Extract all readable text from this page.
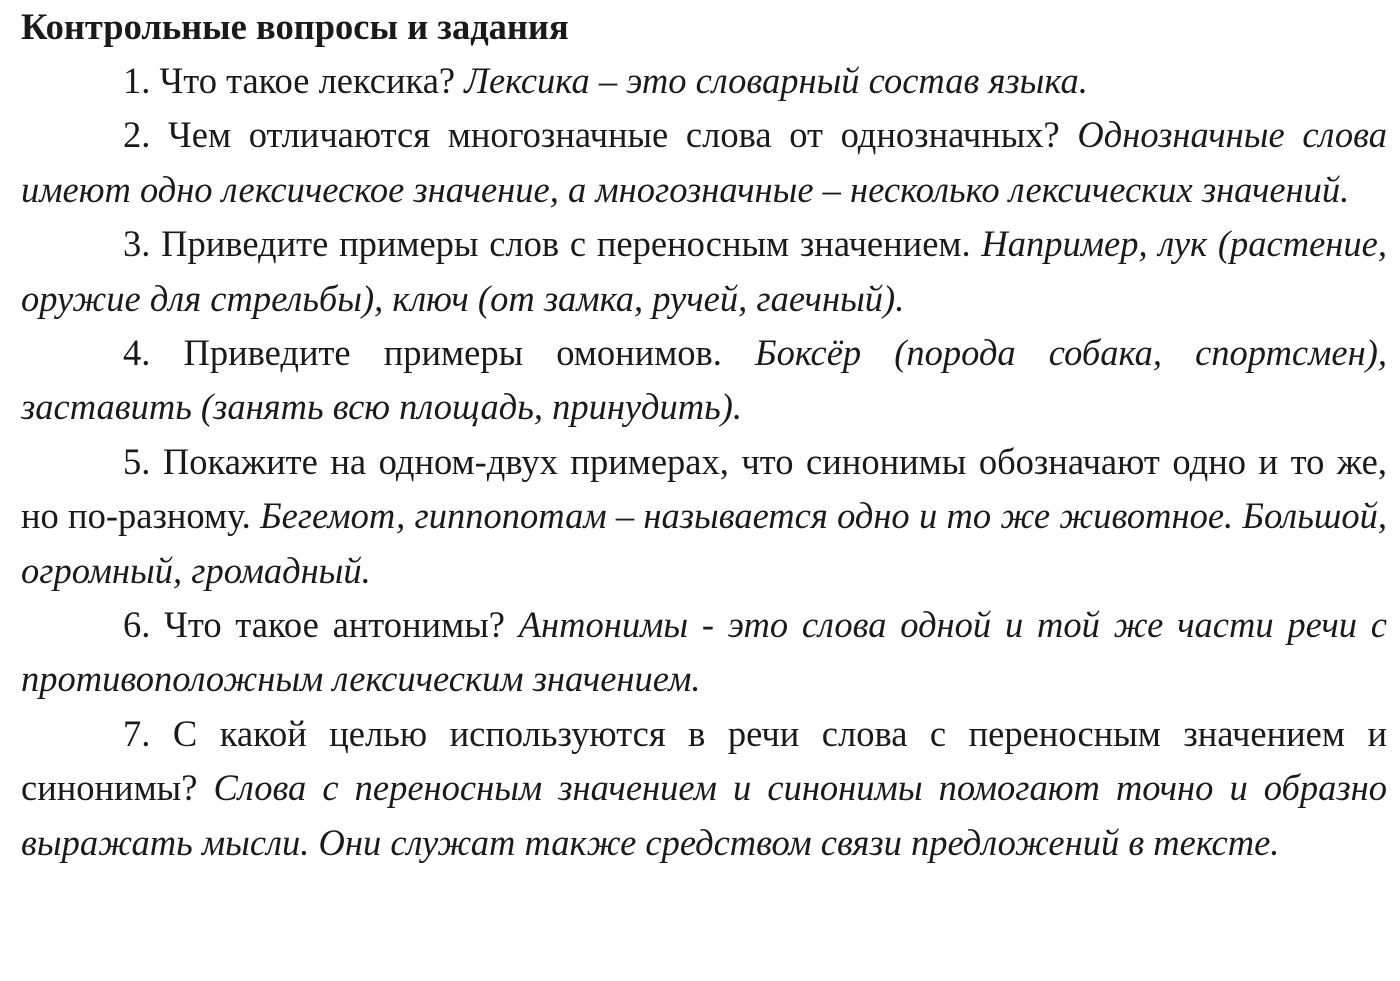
Контрольные вопросы и задания

1. Что такое лексика? Лексика – это словарный состав языка.

2. Чем отличаются многозначные слова от однозначных? Однозначные слова имеют одно лексическое значение, а многозначные – несколько лексических значений.

3. Приведите примеры слов с переносным значением. Например, лук (растение, оружие для стрельбы), ключ (от замка, ручей, гаечный).

4. Приведите примеры омонимов. Боксёр (порода собака, спортсмен), заставить (занять всю площадь, принудить).

5. Покажите на одном-двух примерах, что синонимы обозначают одно и то же, но по-разному. Бегемот, гиппопотам – называется одно и то же животное. Большой, огромный, громадный.

6. Что такое антонимы? Антонимы - это слова одной и той же части речи с противоположным лексическим значением.

7. С какой целью используются в речи слова с переносным значением и синонимы? Слова с переносным значением и синонимы помогают точно и образно выражать мысли. Они служат также средством связи предложений в тексте.
